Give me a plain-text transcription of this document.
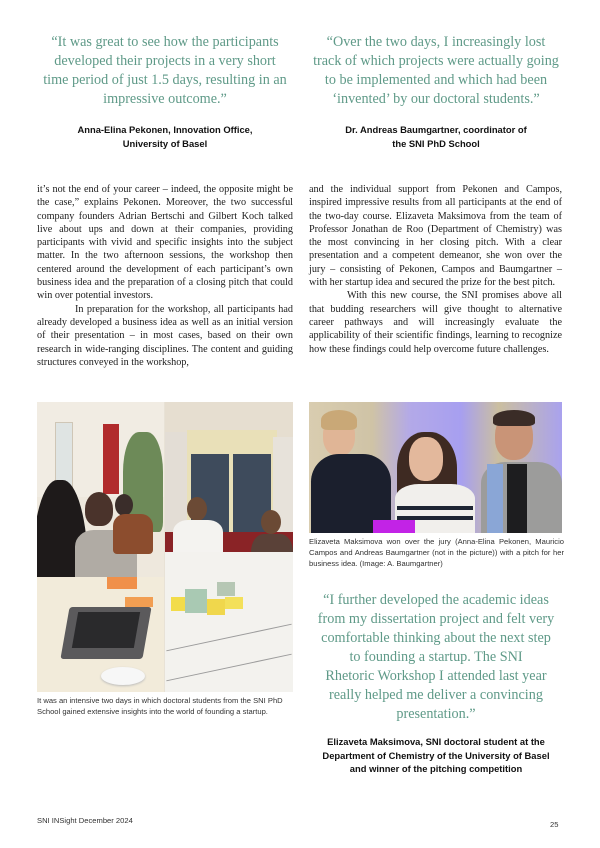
“It was great to see how the participants
developed their projects in a very short
time period of just 1.5 days, resulting in an
impressive outcome.”

Anna-Elina Pekonen, Innovation Office,
University of Basel

“Over the two days, I increasingly lost
track of which projects were actually going
to be implemented and which had been
‘invented’ by our doctoral students.”

Dr. Andreas Baumgartner, coordinator of
the SNI PhD School

it’s not the end of your career – indeed, the opposite might be the case,” explains Pekonen. Moreover, the two successful company founders Adrian Bertschi and Gilbert Koch talked live about ups and down at their companies, providing participants with vivid and specific insights into the subject matter. In the two afternoon sessions, the workshop then centered around the development of each participant’s own business idea and the preparation of a closing pitch that could win over potential investors.

In preparation for the workshop, all participants had already developed a business idea as well as an initial version of their presentation – in most cases, based on their own research in wide-ranging disciplines. The content and guiding structures conveyed in the workshop,

and the individual support from Pekonen and Campos, inspired impressive results from all participants at the end of the two-day course. Elizaveta Maksimova from the team of Professor Jonathan de Roo (Department of Chemistry) was the most convincing in her closing pitch. With a clear presentation and a competent demeanor, she won over the jury – consisting of Pekonen, Campos and Baumgartner – with her startup idea and secured the prize for the best pitch.

With this new course, the SNI promises above all that budding researchers will give thought to alternative career pathways and will increasingly evaluate the applicability of their scientific findings, learning to recognize how these findings could help overcome future challenges.

It was an intensive two days in which doctoral students from the SNI PhD School gained extensive insights into the world of founding a startup.

Elizaveta Maksimova won over the jury (Anna-Elina Pekonen, Mauricio Campos and Andreas Baumgartner (not in the picture)) with a pitch for her business idea. (Image: A. Baumgartner)

“I further developed the academic ideas
from my dissertation project and felt very
comfortable thinking about the next step
to founding a startup. The SNI
Rhetoric Workshop I attended last year
really helped me deliver a convincing
presentation.”

Elizaveta Maksimova, SNI doctoral student at the
Department of Chemistry of the University of Basel
and winner of the pitching competition

SNI INSight December 2024	25
